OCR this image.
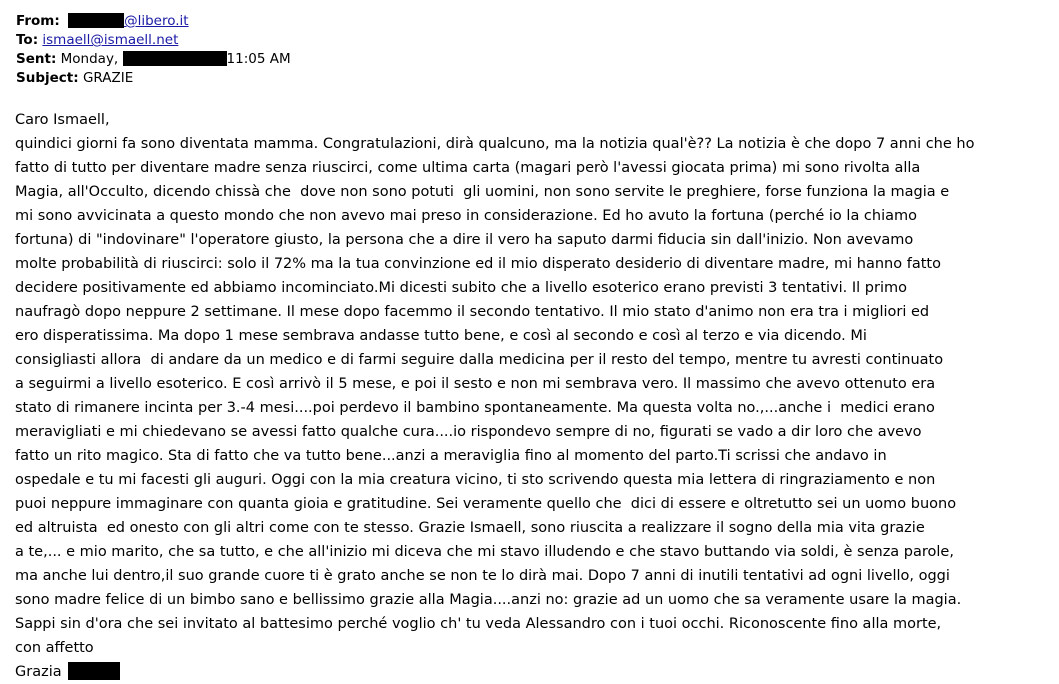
From:	@libero.it
To: ismaell@ismaell.net
Sent: Monday,	11:05 AM
Subject: GRAZIE
Caro Ismaell,
quindici giorni fa sono diventata mamma. Congratulazioni, dirà qualcuno, ma la notizia qual'è?? La notizia è che dopo 7 anni che ho
fatto di tutto per diventare madre senza riuscirci, come ultima carta (magari però l'avessi giocata prima) mi sono rivolta alla
Magia, all'Occulto, dicendo chissà che  dove non sono potuti  gli uomini, non sono servite le preghiere, forse funziona la magia e
mi sono avvicinata a questo mondo che non avevo mai preso in considerazione. Ed ho avuto la fortuna (perché io la chiamo
fortuna) di "indovinare" l'operatore giusto, la persona che a dire il vero ha saputo darmi fiducia sin dall'inizio. Non avevamo
molte probabilità di riuscirci: solo il 72% ma la tua convinzione ed il mio disperato desiderio di diventare madre, mi hanno fatto
decidere positivamente ed abbiamo incominciato.Mi dicesti subito che a livello esoterico erano previsti 3 tentativi. Il primo
naufragò dopo neppure 2 settimane. Il mese dopo facemmo il secondo tentativo. Il mio stato d'animo non era tra i migliori ed
ero disperatissima. Ma dopo 1 mese sembrava andasse tutto bene, e così al secondo e così al terzo e via dicendo. Mi
consigliasti allora  di andare da un medico e di farmi seguire dalla medicina per il resto del tempo, mentre tu avresti continuato
a seguirmi a livello esoterico. E così arrivò il 5 mese, e poi il sesto e non mi sembrava vero. Il massimo che avevo ottenuto era
stato di rimanere incinta per 3.-4 mesi....poi perdevo il bambino spontaneamente. Ma questa volta no.,...anche i  medici erano
meravigliati e mi chiedevano se avessi fatto qualche cura....io rispondevo sempre di no, figurati se vado a dir loro che avevo
fatto un rito magico. Sta di fatto che va tutto bene...anzi a meraviglia fino al momento del parto.Ti scrissi che andavo in
ospedale e tu mi facesti gli auguri. Oggi con la mia creatura vicino, ti sto scrivendo questa mia lettera di ringraziamento e non
puoi neppure immaginare con quanta gioia e gratitudine. Sei veramente quello che  dici di essere e oltretutto sei un uomo buono
ed altruista  ed onesto con gli altri come con te stesso. Grazie Ismaell, sono riuscita a realizzare il sogno della mia vita grazie
a te,... e mio marito, che sa tutto, e che all'inizio mi diceva che mi stavo illudendo e che stavo buttando via soldi, è senza parole,
ma anche lui dentro,il suo grande cuore ti è grato anche se non te lo dirà mai. Dopo 7 anni di inutili tentativi ad ogni livello, oggi
sono madre felice di un bimbo sano e bellissimo grazie alla Magia....anzi no: grazie ad un uomo che sa veramente usare la magia.
Sappi sin d'ora che sei invitato al battesimo perché voglio ch' tu veda Alessandro con i tuoi occhi. Riconoscente fino alla morte,
con affetto
Grazia
